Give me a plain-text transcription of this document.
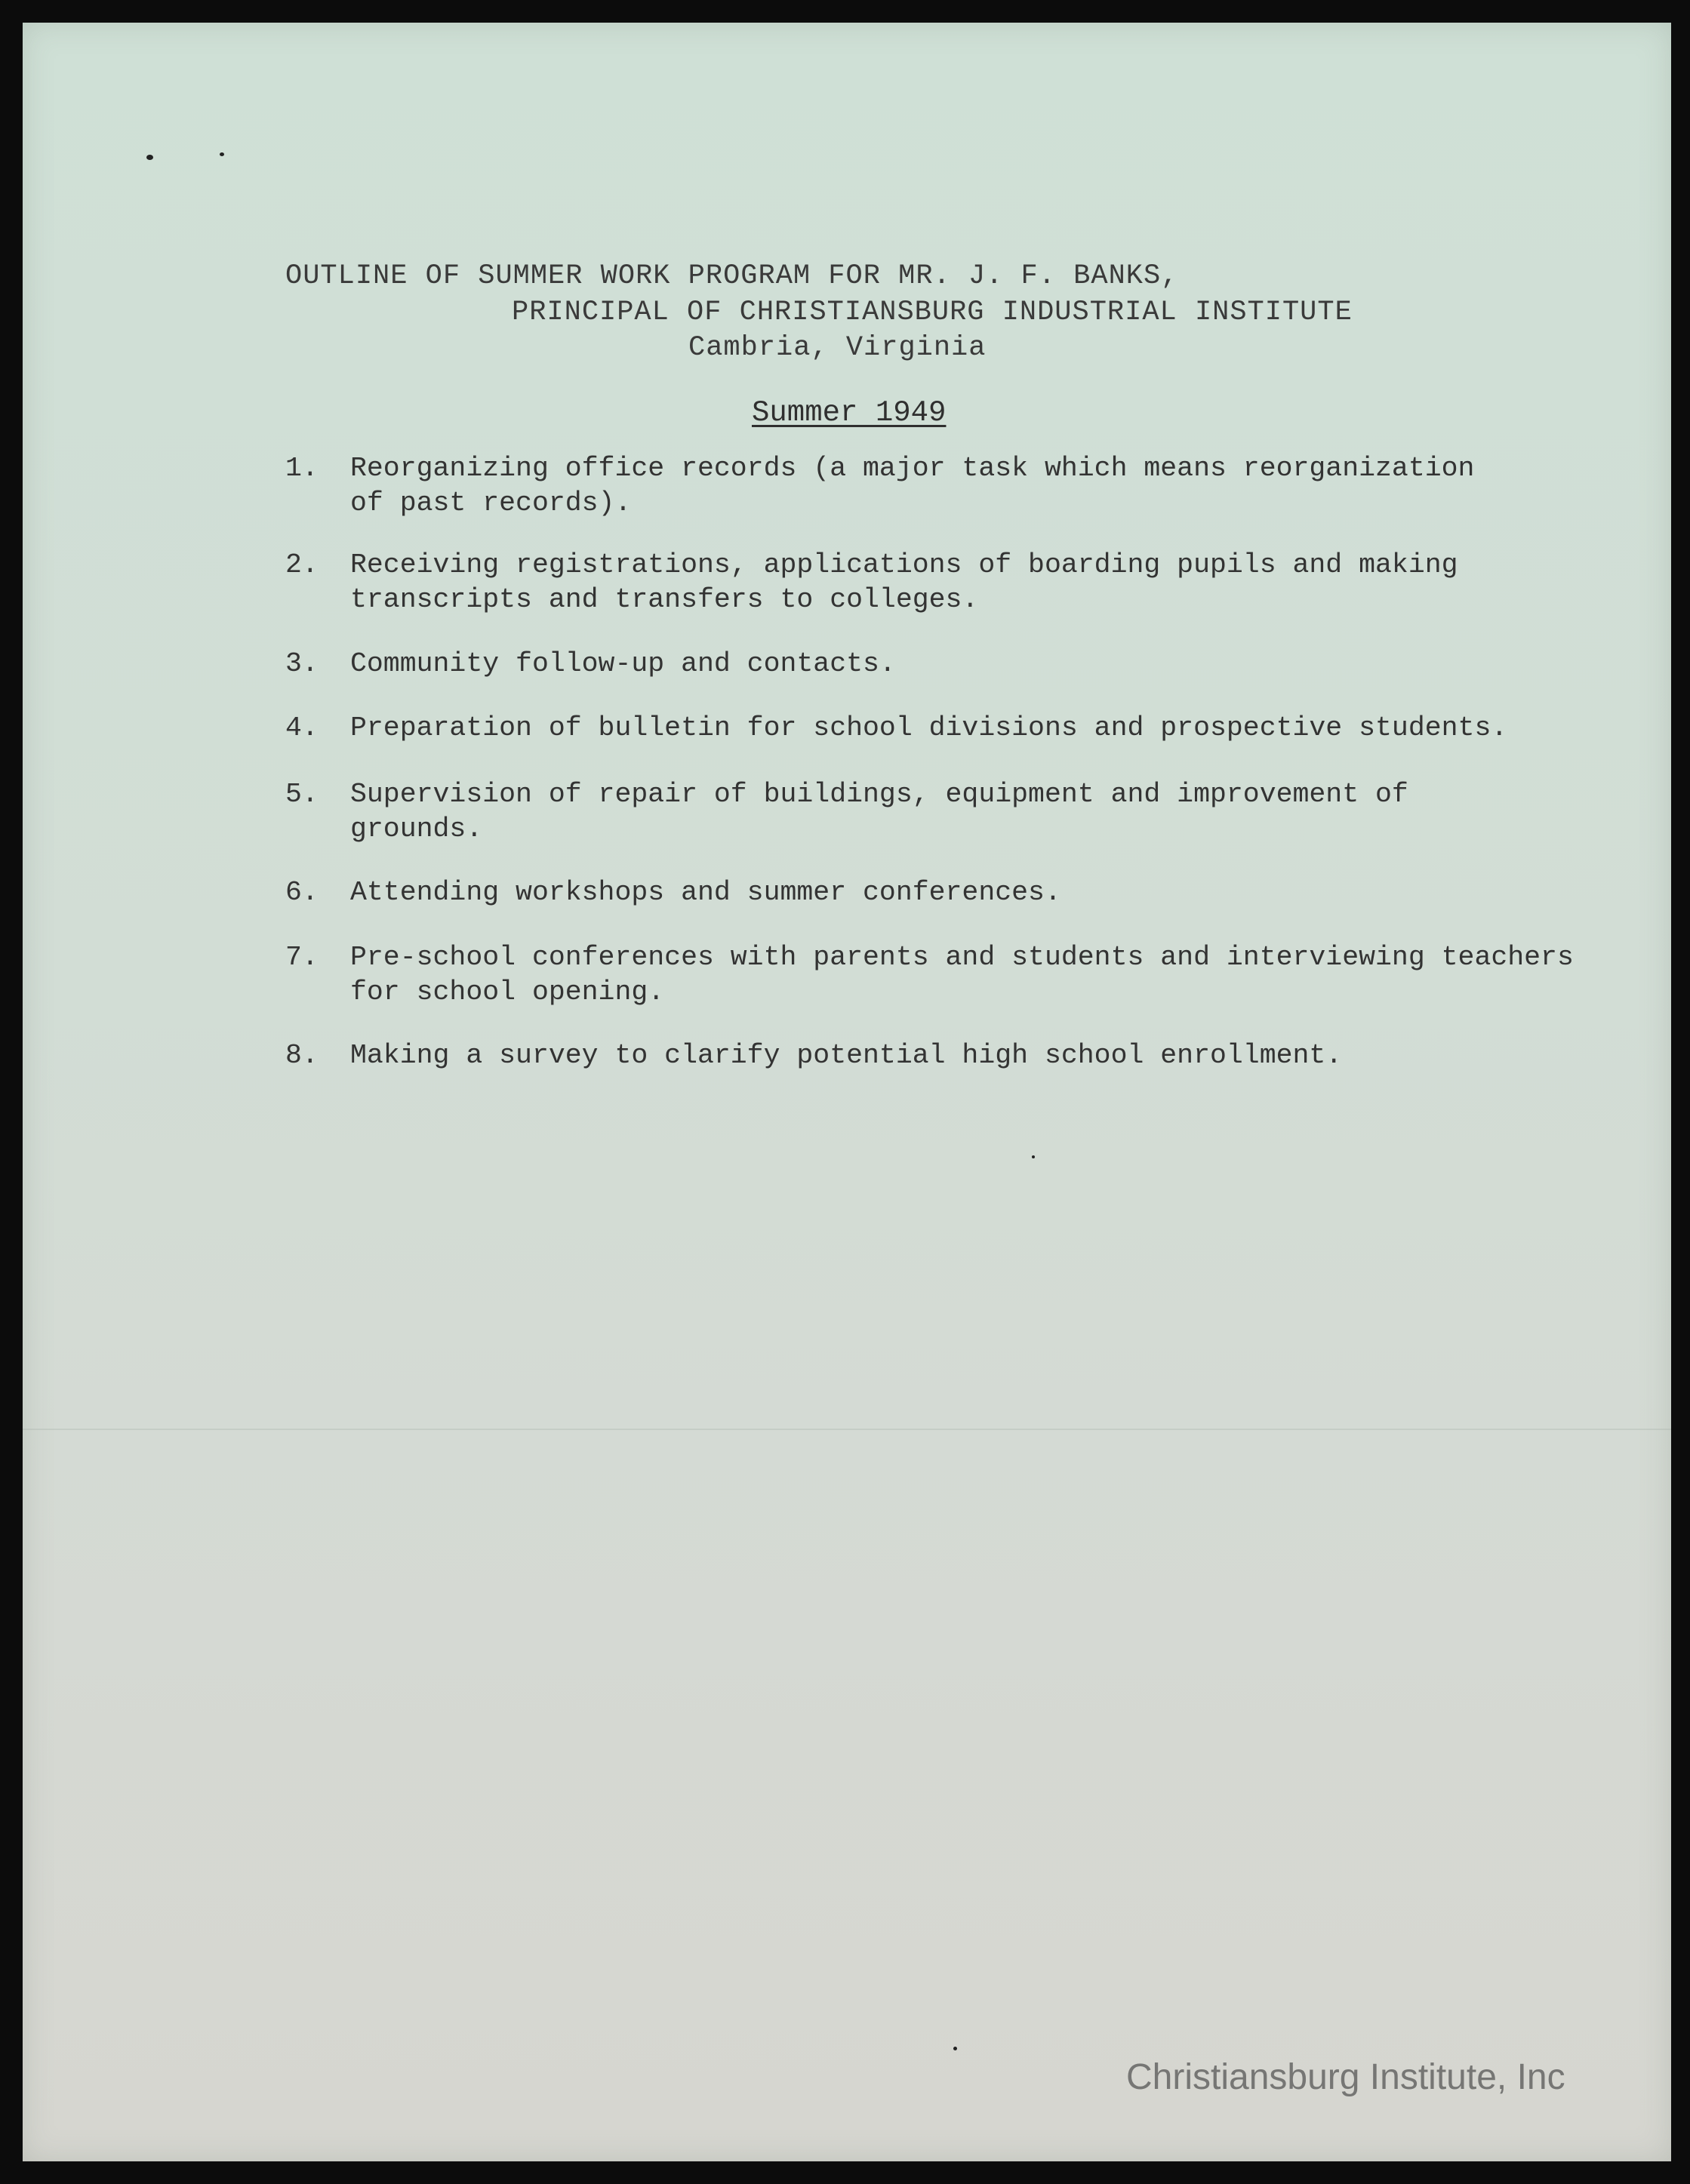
OUTLINE OF SUMMER WORK PROGRAM FOR MR. J. F. BANKS,
PRINCIPAL OF CHRISTIANSBURG INDUSTRIAL INSTITUTE
Cambria, Virginia
Summer 1949
1. Reorganizing office records (a major task which means reorganization
of past records).
2. Receiving registrations, applications of boarding pupils and making
transcripts and transfers to colleges.
3. Community follow-up and contacts.
4. Preparation of bulletin for school divisions and prospective students.
5. Supervision of repair of buildings, equipment and improvement of
grounds.
6. Attending workshops and summer conferences.
7. Pre-school conferences with parents and students and interviewing teachers
for school opening.
8. Making a survey to clarify potential high school enrollment.
Christiansburg Institute, Inc
